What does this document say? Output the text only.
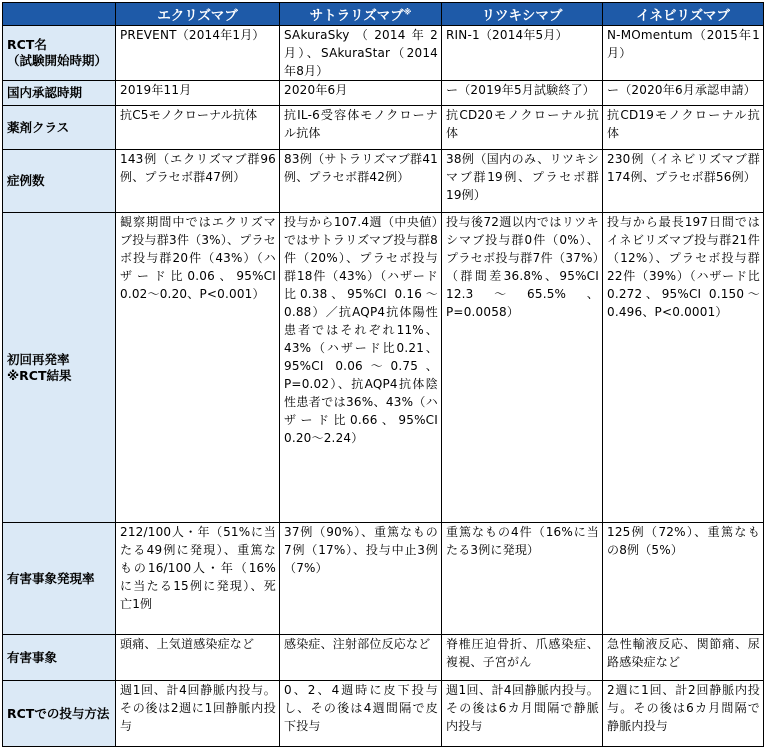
	エクリズマブ	サトラリズマブ※	リツキシマブ	イネビリズマブ

RCT名
（試験開始時期）	PREVENT（2014年1月）	SAkuraSky（2014年2月）、SAkuraStar（2014年8月）	RIN-1（2014年5月）	N-MOmentum（2015年1月）
国内承認時期	2019年11月	2020年6月	ー（2019年5月試験終了）	ー（2020年6月承認申請）
薬剤クラス	抗C5モノクローナル抗体	抗IL-6受容体モノクローナル抗体	抗CD20モノクローナル抗体	抗CD19モノクローナル抗体
症例数	143例（エクリズマブ群96例、プラセボ群47例）	83例（サトラリズマブ群41例、プラセボ群42例）	38例（国内のみ、リツキシマブ群19例、プラセボ群19例）	230例（イネビリズマブ群174例、プラセボ群56例）

初回再発率
※RCT結果	観察期間中ではエクリズマブ投与群3件（3%）、プラセボ投与群20件（43%）（ハザード比0.06、95%CI 0.02〜0.20、P<0.001）	投与から107.4週（中央値）ではサトラリズマブ投与群8件（20%）、プラセボ投与群18件（43%）（ハザード比0.38、95%CI 0.16〜0.88）／抗AQP4抗体陽性患者ではそれぞれ11%、43%（ハザード比0.21、95%CI 0.06〜0.75、P=0.02）、抗AQP4抗体陰性患者では36%、43%（ハザード比0.66、95%CI 0.20〜2.24）	投与後72週以内ではリツキシマブ投与群0件（0%）、プラセボ投与群7件（37%）（群間差36.8%、95%CI 12.3〜65.5%、P=0.0058）	投与から最長197日間ではイネビリズマブ投与群21件（12%）、プラセボ投与群22件（39%）（ハザード比0.272、95%CI 0.150〜0.496、P<0.0001）
有害事象発現率	212/100人・年（51%に当たる49例に発現）、重篤なもの16/100人・年（16%に当たる15例に発現）、死亡1例	37例（90%）、重篤なもの7例（17%）、投与中止3例（7%）	重篤なもの4件（16%に当たる3例に発現）	125例（72%）、重篤なもの8例（5%）
有害事象	頭痛、上気道感染症など	感染症、注射部位反応など	脊椎圧迫骨折、爪感染症、複視、子宮がん	急性輸液反応、関節痛、尿路感染症など
RCTでの投与方法	週1回、計4回静脈内投与。その後は2週に1回静脈内投与	0、2、4週時に皮下投与し、その後は4週間隔で皮下投与	週1回、計4回静脈内投与。その後は6カ月間隔で静脈内投与	2週に1回、計2回静脈内投与。その後は6カ月間隔で静脈内投与
